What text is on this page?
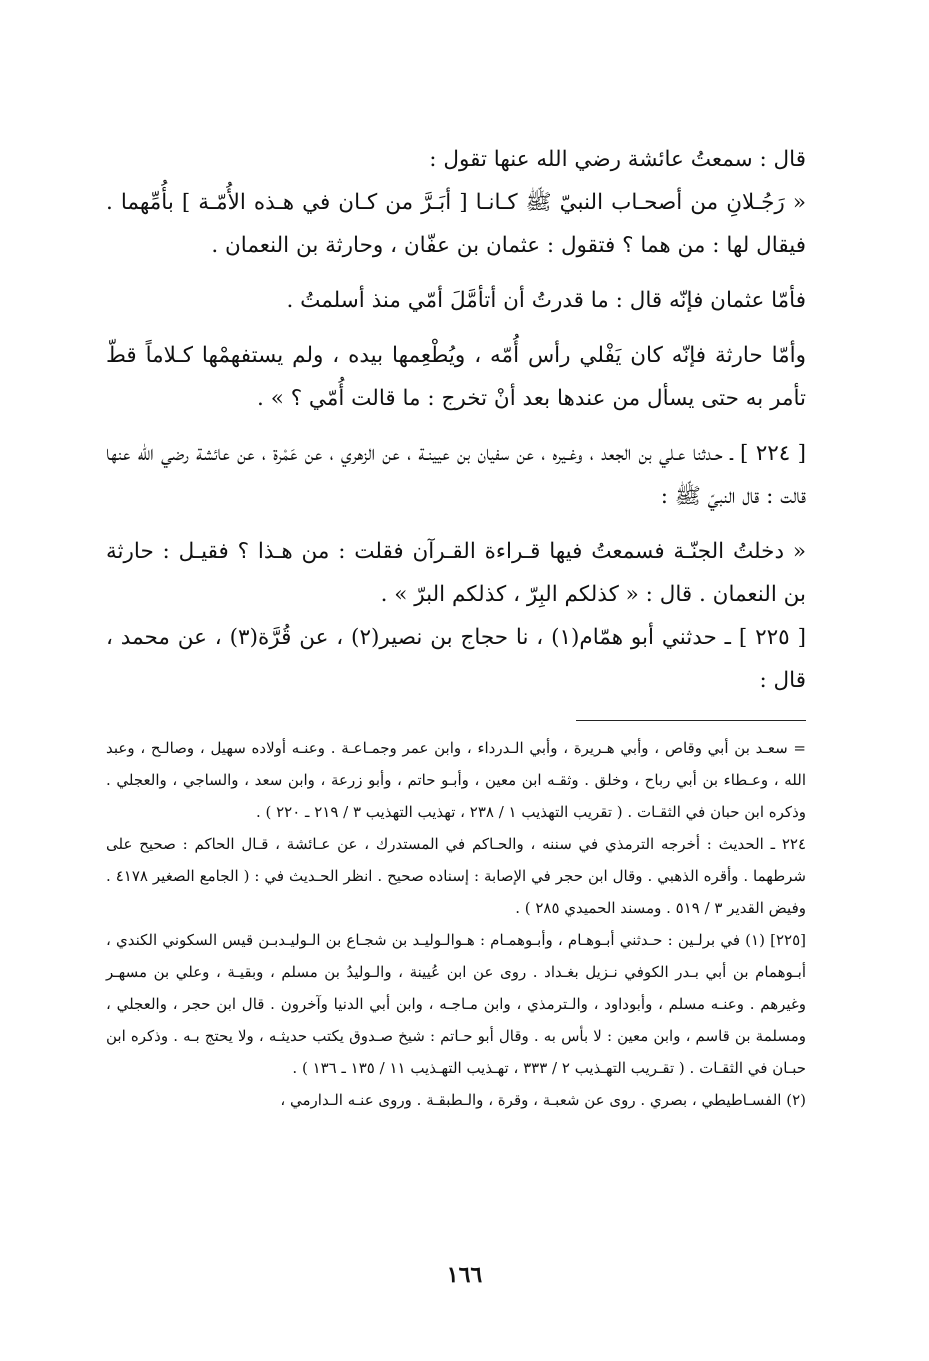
قال : سمعتُ عائشة رضي الله عنها تقول :

« رَجُـلانِ من أصحـاب النبيّ ﷺ كـانـا [ أبَـرَّ من كـان في هـذه الأُمّـة ] بأُمِّهما . فيقال لها : من هما ؟ فتقول : عثمان بن عفّان ، وحارثة بن النعمان .

فأمّا عثمان فإنّه قال : ما قدرتُ أن أتأمَّلَ أمّي منذ أسلمتُ .

وأمّا حارثة فإنّه كان يَفْلي رأس أُمّه ، ويُطْعِمها بيده ، ولم يستفهمْها كـلاماً قطّ تأمر به حتى يسأل من عندها بعد أنْ تخرج : ما قالت أُمّي ؟ » .

[ ٢٢٤ ] ـ حـدثنا عـلي بن الجعد ، وغـيره ، عن سفيان بن عيينـة ، عن الزهري ، عن عَمْرة ، عن عائشة رضي الله عنها قالت : قال النبيّ ﷺ :

« دخلتُ الجنّـة فسمعتُ فيها قـراءة القـرآن فقلت : من هـذا ؟ فقيـل : حارثة بن النعمان . قال : « كذلكم البِرّ ، كذلكم البرّ » .

[ ٢٢٥ ] ـ حدثني أبو همّام(١) ، نا حجاج بن نصير(٢) ، عن قُرَّة(٣) ، عن محمد ، قال :

= سعـد بن أبي وقاص ، وأبي هـريرة ، وأبي الـدرداء ، وابن عمر وجمـاعـة . وعنـه أولاده سهيل ، وصالـح ، وعبد الله ، وعـطاء بن أبي رباح ، وخلق . وثقـه ابن معين ، وأبـو حاتم ، وأبو زرعة ، وابن سعد ، والساجي ، والعجلي . وذكره ابن حبان في الثقـات . ( تقريب التهذيب ١ / ٢٣٨ ، تهذيب التهذيب ٣ / ٢١٩ ـ ٢٢٠ ) .

٢٢٤ ـ الحديث : أخرجه الترمذي في سننه ، والحـاكم في المستدرك ، عن عـائشة ، قـال الحاكم : صحيح على شرطهما . وأقره الذهبي . وقال ابن حجر في الإصابة : إسناده صحيح . انظر الحـديث في : ( الجامع الصغير ٤١٧٨ . وفيض القدير ٣ / ٥١٩ . ومسند الحميدي ٢٨٥ ) .

[٢٢٥] (١) في برلـين : حـدثني أبـوهـام ، وأبـوهمـام : هـوالـوليـد بن شجـاع بن الـوليـدبـن قيس السكوني الكندي ، أبـوهمام بن أبي بـدر الكوفي نـزيل بغـداد . روى عن ابن عُيينة ، والـوليدُ بن مسلم ، وبقيـة ، وعلي بن مسهـر وغيرهم . وعنـه مسلم ، وأبوداود ، والـترمذي ، وابن مـاجـه ، وابن أبي الدنيا وآخرون . قال ابن حجر ، والعجلي ، ومسلمة بن قاسم ، وابن معين : لا بأس به . وقال أبو حـاتم : شيخ صـدوق يكتب حديثـه ، ولا يحتج بـه . وذكره ابن حبـان في الثقـات . ( تقـريب التهـذيب ٢ / ٣٣٣ ، تهـذيب التهـذيب ١١ / ١٣٥ ـ ١٣٦ ) .

(٢) الفسـاطيطي ، بصري . روى عن شعبـة ، وقرة ، والـطبقـة . وروى عنـه الـدارمي ،

١٦٦
